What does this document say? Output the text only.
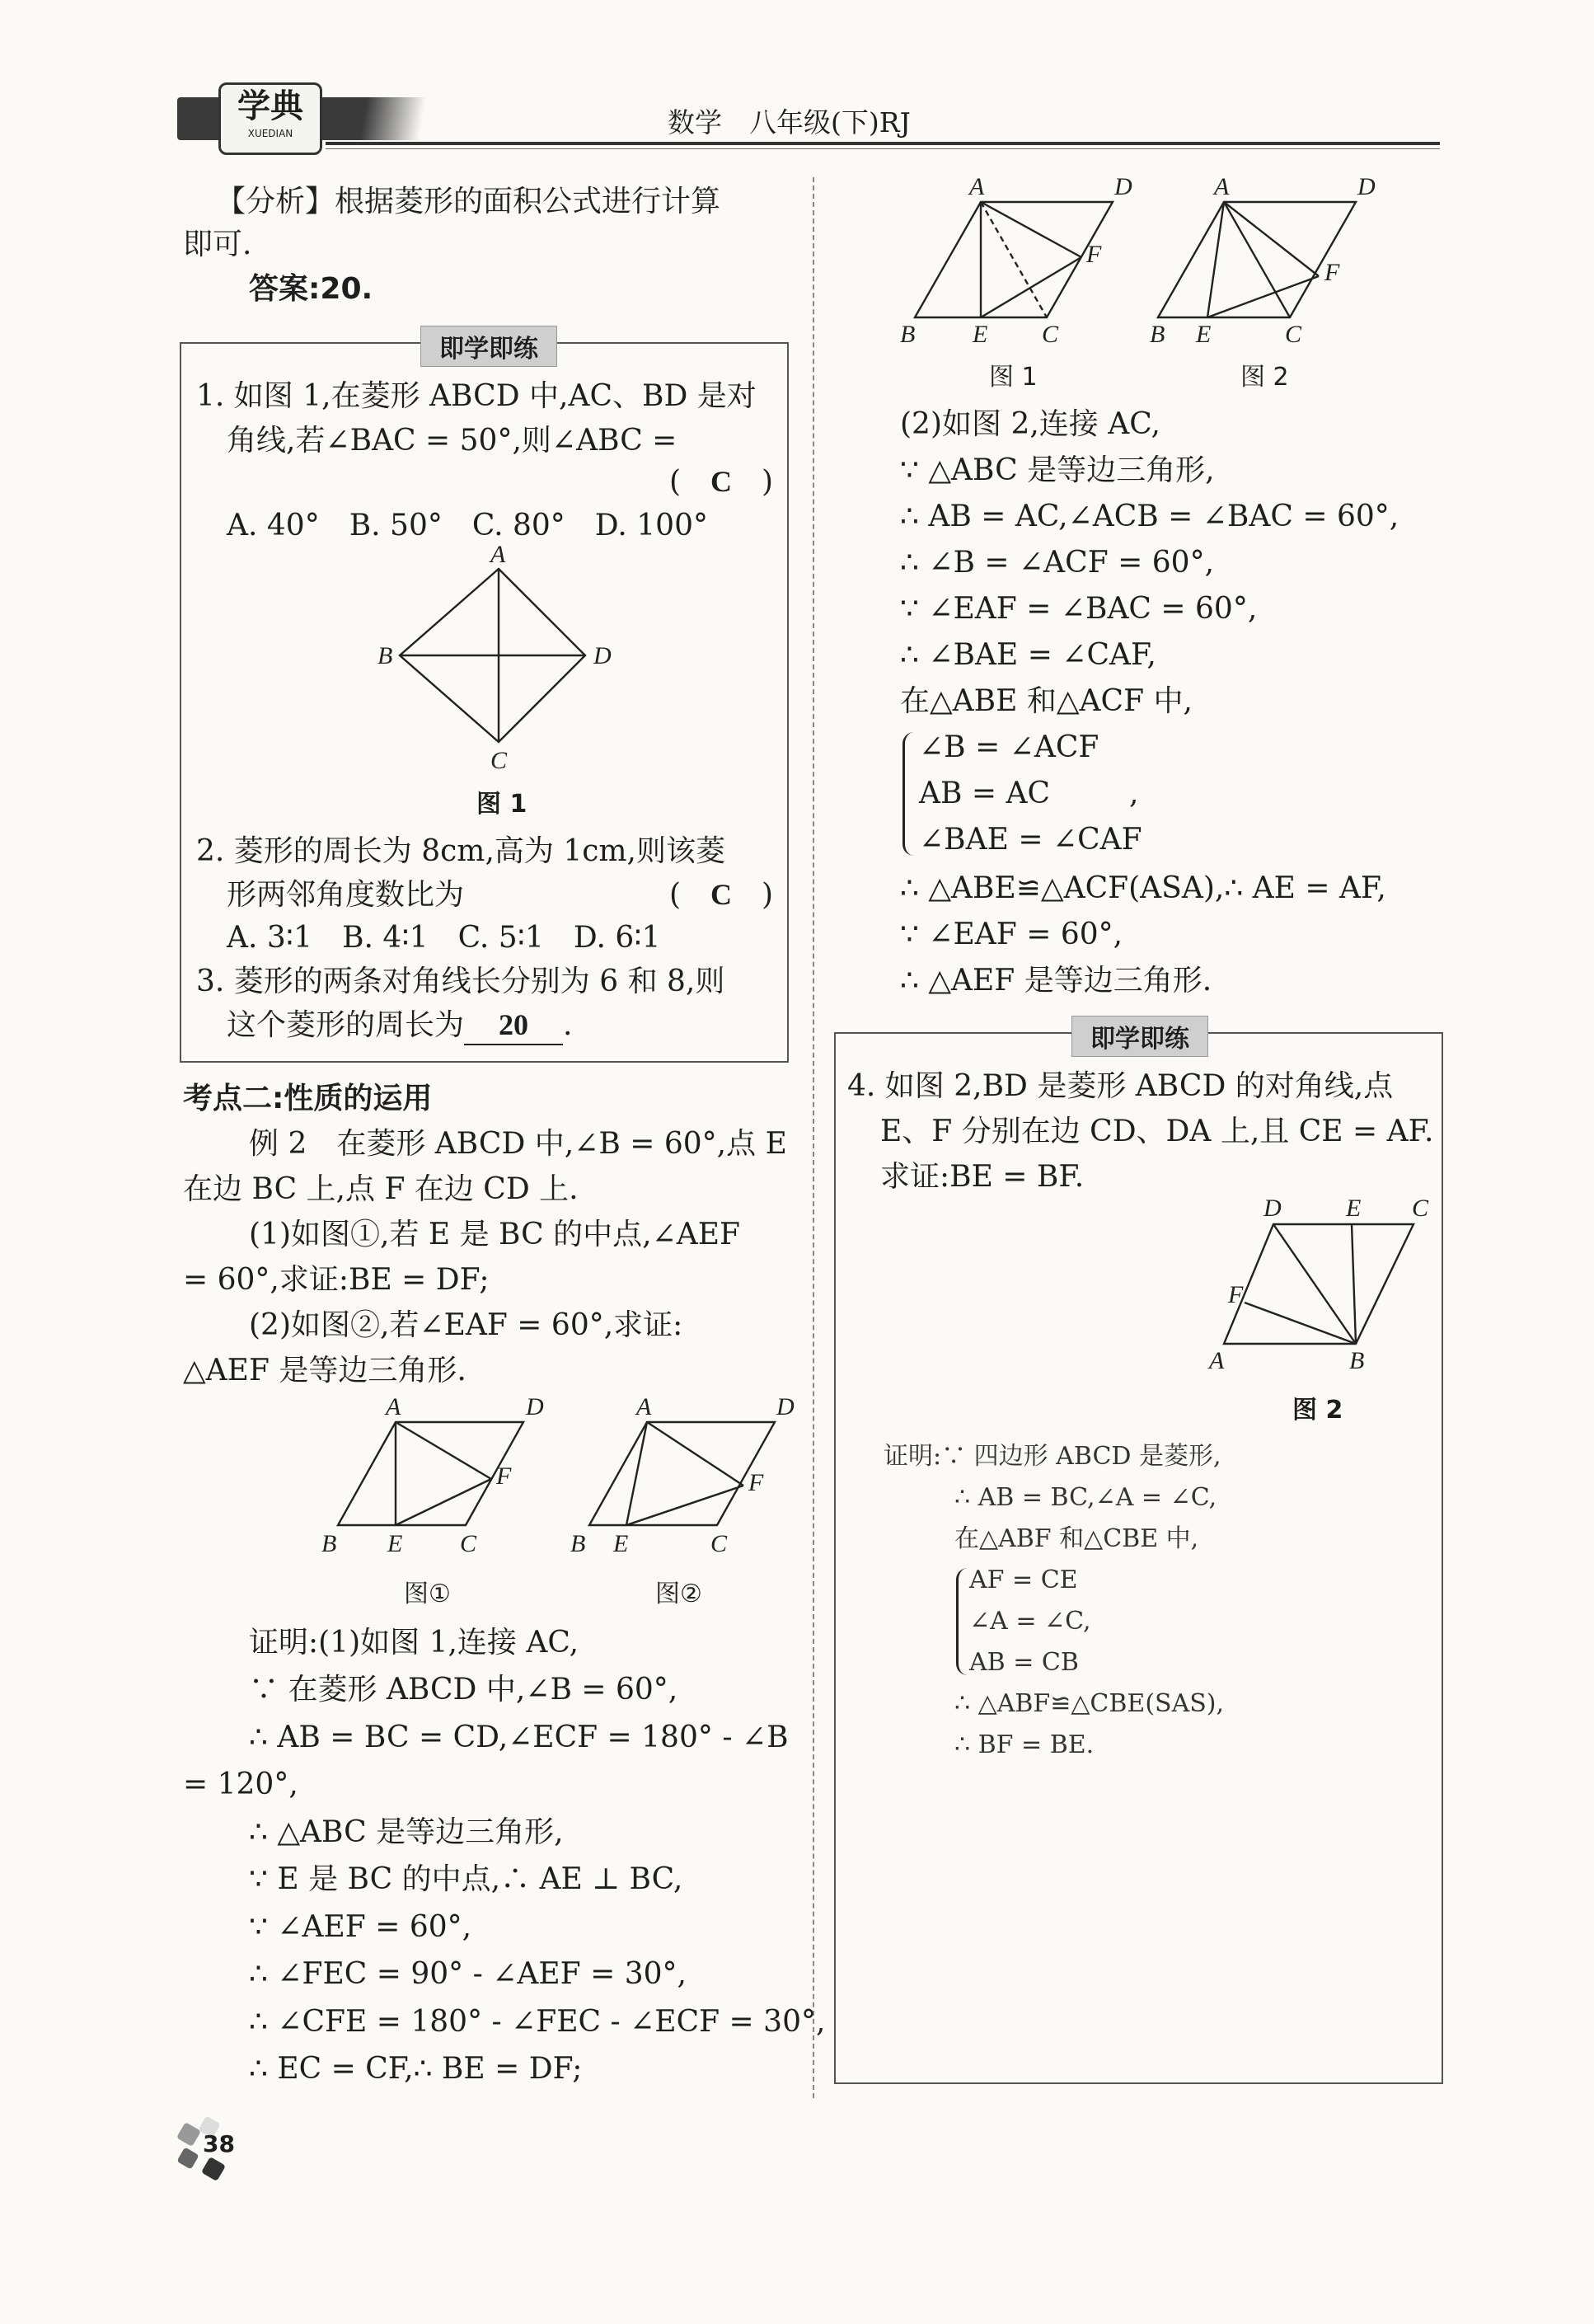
学典
XUEDIAN	数学　八年级(下)RJ
【分析】根据菱形的面积公式进行计算
即可.
答案:20.
即学即练
1. 如图 1,在菱形 ABCD 中,AC、BD 是对
角线,若∠BAC = 50°,则∠ABC =
(　C　)
A. 40°　B. 50°　C. 80°　D. 100°
A
B	D
C
图 1
2. 菱形的周长为 8cm,高为 1cm,则该菱
形两邻角度数比为	(　C　)
A. 3∶1　B. 4∶1　C. 5∶1　D. 6∶1
3. 菱形的两条对角线长分别为 6 和 8,则
这个菱形的周长为 20 .
考点二:性质的运用
例 2　在菱形 ABCD 中,∠B = 60°,点 E
在边 BC 上,点 F 在边 CD 上.
(1)如图①,若 E 是 BC 的中点,∠AEF
= 60°,求证:BE = DF;
(2)如图②,若∠EAF = 60°,求证:
△AEF 是等边三角形.
A	D
F
B E C
A	D
F
B E	C
图①	图②
证明:(1)如图 1,连接 AC,
∵ 在菱形 ABCD 中,∠B = 60°,
∴ AB = BC = CD,∠ECF = 180° - ∠B
= 120°,
∴ △ABC 是等边三角形,
∵ E 是 BC 的中点,∴ AE ⊥ BC,
∵ ∠AEF = 60°,
∴ ∠FEC = 90° - ∠AEF = 30°,
∴ ∠CFE = 180° - ∠FEC - ∠ECF = 30°,
∴ EC = CF,∴ BE = DF;
A	D
F
B E C
A	D
F
B E	C
图 1	图 2
(2)如图 2,连接 AC,
∵ △ABC 是等边三角形,
∴ AB = AC,∠ACB = ∠BAC = 60°,
∴ ∠B = ∠ACF = 60°,
∵ ∠EAF = ∠BAC = 60°,
∴ ∠BAE = ∠CAF,
在△ABE 和△ACF 中,
∠B = ∠ACF
AB = AC	,
∠BAE = ∠CAF
∴ △ABE≌△ACF(ASA),∴ AE = AF,
∵ ∠EAF = 60°,
∴ △AEF 是等边三角形.
即学即练
4. 如图 2,BD 是菱形 ABCD 的对角线,点
E、F 分别在边 CD、DA 上,且 CE = AF.
求证:BE = BF.
D	E C
F
A	B
图 2
证明:∵ 四边形 ABCD 是菱形,
∴ AB = BC,∠A = ∠C,
在△ABF 和△CBE 中,
AF = CE
∠A = ∠C,
AB = CB
∴ △ABF≌△CBE(SAS),
∴ BF = BE.
38
